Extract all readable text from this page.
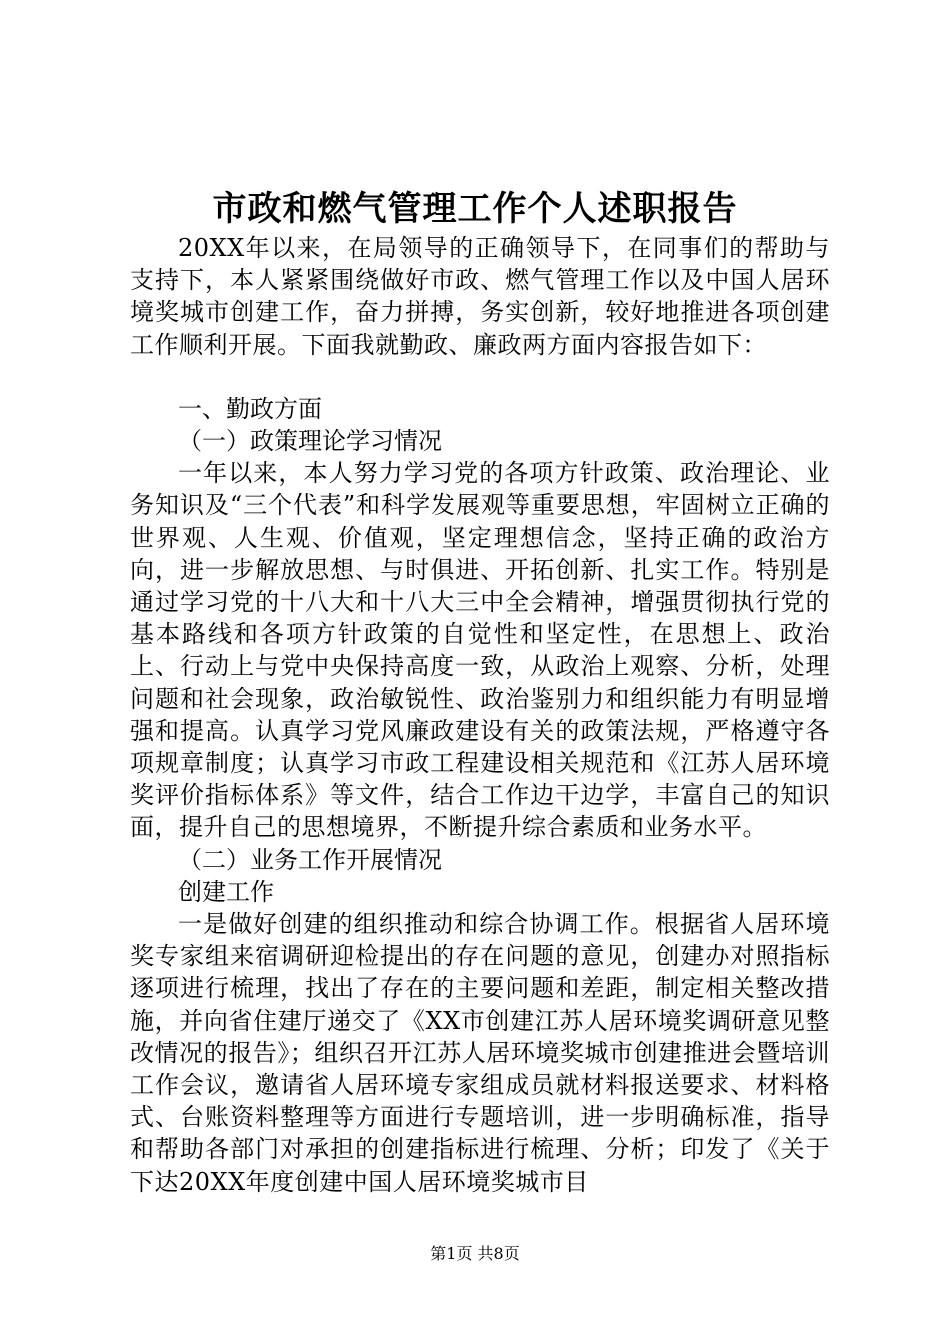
市政和燃气管理工作个人述职报告

20XX年以来，在局领导的正确领导下，在同事们的帮助与支持下，本人紧紧围绕做好市政、燃气管理工作以及中国人居环境奖城市创建工作，奋力拼搏，务实创新，较好地推进各项创建工作顺利开展。下面我就勤政、廉政两方面内容报告如下：

一、勤政方面

（一）政策理论学习情况

一年以来，本人努力学习党的各项方针政策、政治理论、业务知识及“三个代表”和科学发展观等重要思想，牢固树立正确的世界观、人生观、价值观，坚定理想信念，坚持正确的政治方向，进一步解放思想、与时俱进、开拓创新、扎实工作。特别是通过学习党的十八大和十八大三中全会精神，增强贯彻执行党的基本路线和各项方针政策的自觉性和坚定性，在思想上、政治上、行动上与党中央保持高度一致，从政治上观察、分析，处理问题和社会现象，政治敏锐性、政治鉴别力和组织能力有明显增强和提高。认真学习党风廉政建设有关的政策法规，严格遵守各项规章制度；认真学习市政工程建设相关规范和《江苏人居环境奖评价指标体系》等文件，结合工作边干边学，丰富自己的知识面，提升自己的思想境界，不断提升综合素质和业务水平。

（二）业务工作开展情况

创建工作

一是做好创建的组织推动和综合协调工作。根据省人居环境奖专家组来宿调研迎检提出的存在问题的意见，创建办对照指标逐项进行梳理，找出了存在的主要问题和差距，制定相关整改措施，并向省住建厅递交了《XX市创建江苏人居环境奖调研意见整改情况的报告》；组织召开江苏人居环境奖城市创建推进会暨培训工作会议，邀请省人居环境专家组成员就材料报送要求、材料格式、台账资料整理等方面进行专题培训，进一步明确标准，指导和帮助各部门对承担的创建指标进行梳理、分析；印发了《关于下达20XX年度创建中国人居环境奖城市目

第1页 共8页
